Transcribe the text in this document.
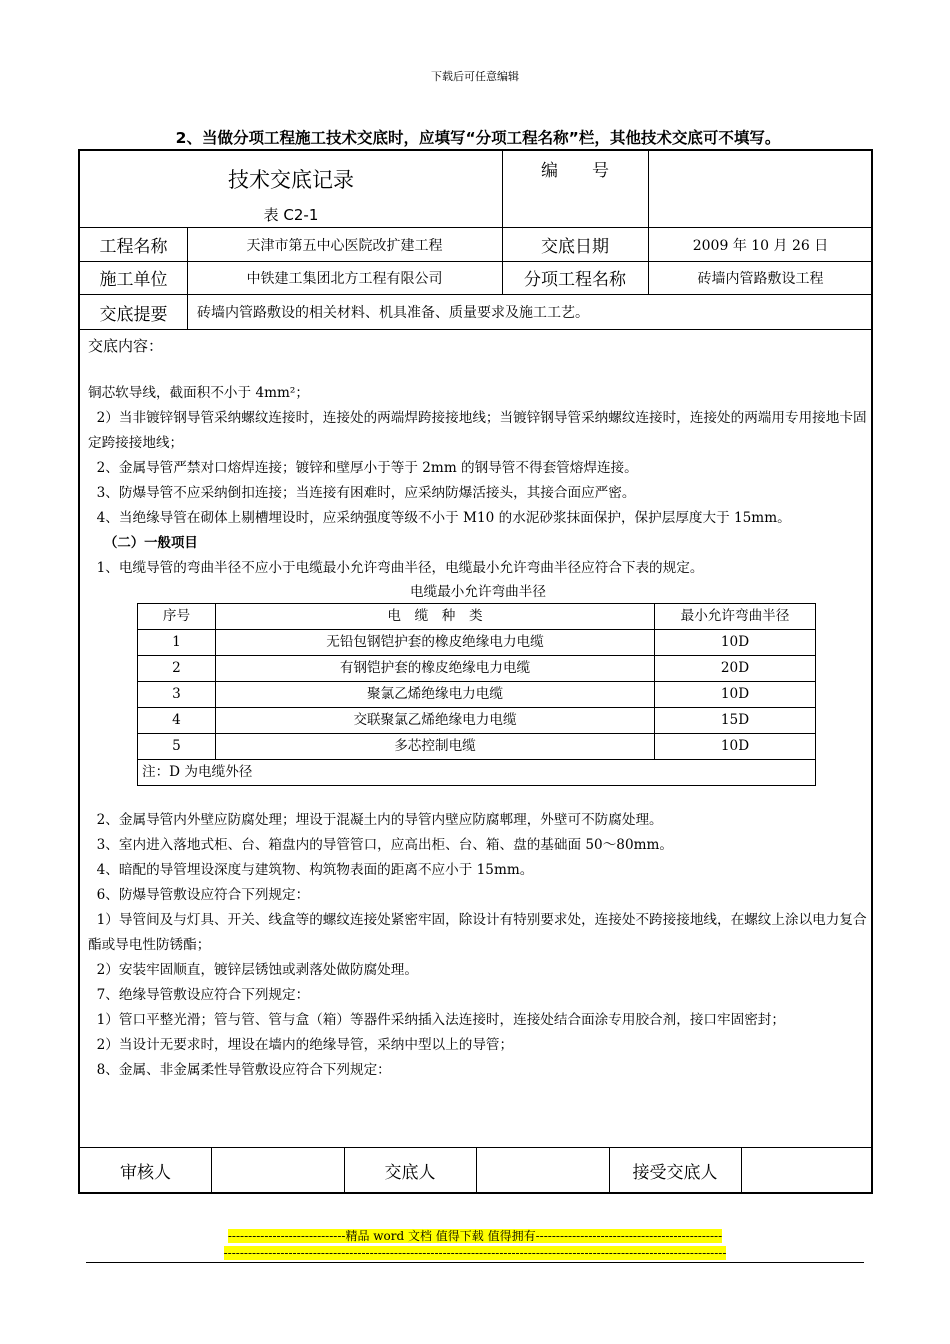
下载后可任意编辑
2、当做分项工程施工技术交底时，应填写“分项工程名称”栏，其他技术交底可不填写。
技术交底记录
表 C2-1
编　　号
工程名称	天津市第五中心医院改扩建工程	交底日期	2009 年 10 月 26 日
施工单位	中铁建工集团北方工程有限公司	分项工程名称	砖墙内管路敷设工程
交底提要	砖墙内管路敷设的相关材料、机具准备、质量要求及施工工艺。

交底内容：

铜芯软导线，截面积不小于 4mm²；

2）当非镀锌钢导管采纳螺纹连接时，连接处的两端焊跨接接地线；当镀锌钢导管采纳螺纹连接时，连接处的两端用专用接地卡固定跨接接地线；

2、金属导管严禁对口熔焊连接；镀锌和壁厚小于等于 2mm 的钢导管不得套管熔焊连接。

3、防爆导管不应采纳倒扣连接；当连接有困难时，应采纳防爆活接头，其接合面应严密。

4、当绝缘导管在砌体上剔槽埋设时，应采纳强度等级不小于 M10 的水泥砂浆抹面保护，保护层厚度大于 15mm。

（二）一般项目

1、电缆导管的弯曲半径不应小于电缆最小允许弯曲半径，电缆最小允许弯曲半径应符合下表的规定。

电缆最小允许弯曲半径
序号	电　缆　种　类	最小允许弯曲半径
1	无铅包钢铠护套的橡皮绝缘电力电缆	10D
2	有钢铠护套的橡皮绝缘电力电缆	20D
3	聚氯乙烯绝缘电力电缆	10D
4	交联聚氯乙烯绝缘电力电缆	15D
5	多芯控制电缆	10D
注：D 为电缆外径		

2、金属导管内外壁应防腐处理；埋设于混凝土内的导管内壁应防腐郫理，外壁可不防腐处理。

3、室内进入落地式柜、台、箱盘内的导管管口，应高出柜、台、箱、盘的基础面 50～80mm。

4、暗配的导管埋设深度与建筑物、构筑物表面的距离不应小于 15mm。

6、防爆导管敷设应符合下列规定：

1）导管间及与灯具、开关、线盒等的螺纹连接处紧密牢固，除设计有特别要求处，连接处不跨接接地线，在螺纹上涂以电力复合酯或导电性防锈酯；

2）安装牢固顺直，镀锌层锈蚀或剥落处做防腐处理。

7、绝缘导管敷设应符合下列规定：

1）管口平整光滑；管与管、管与盒（箱）等器件采纳插入法连接时，连接处结合面涂专用胶合剂，接口牢固密封；

2）当设计无要求时，埋设在墙内的绝缘导管，采纳中型以上的导管；

8、金属、非金属柔性导管敷设应符合下列规定：

审核人	交底人	接受交底人
-----------------------------精品 word 文档 值得下载 值得拥有----------------------------------------------
----------------------------------------------------------------------------------------------------------------------------
